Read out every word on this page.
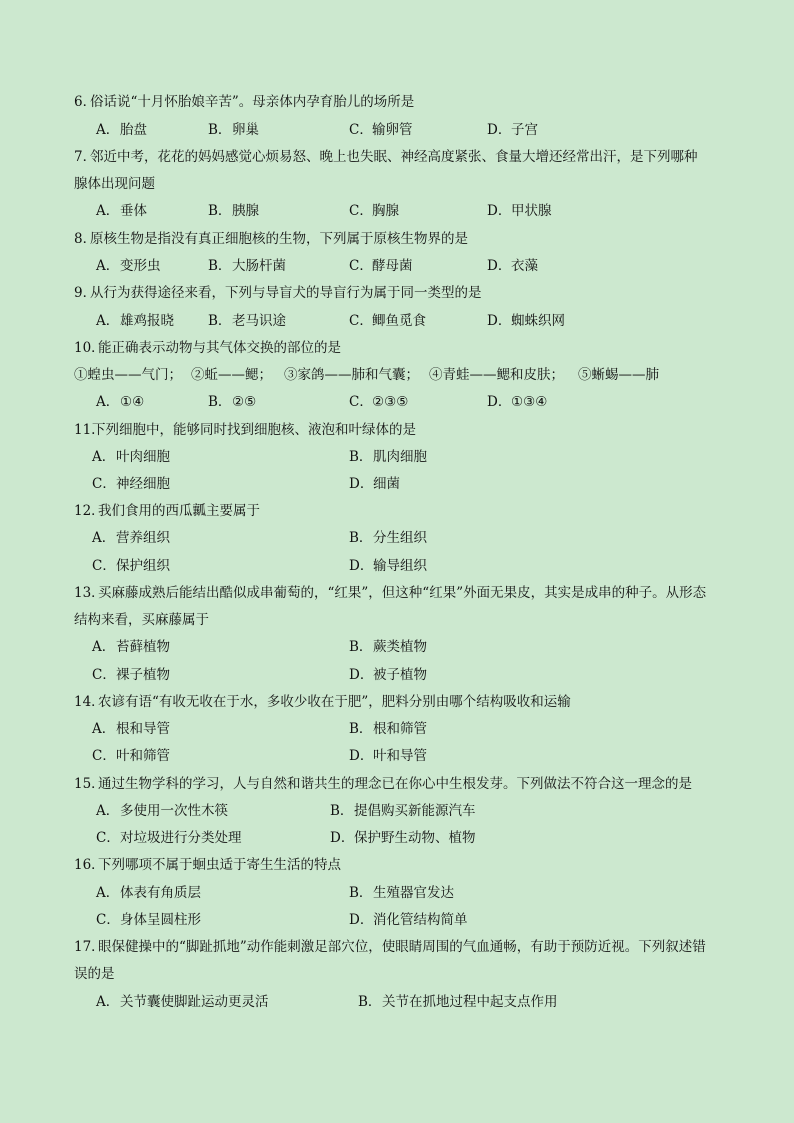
6．
俗话说“十月怀胎娘辛苦”。母亲体内孕育胎儿的场所是
A． 胎盘	B． 卵巢	C． 输卵管	D． 子宫
7．
邻近中考，花花的妈妈感觉心烦易怒、晚上也失眠、神经高度紧张、食量大增还经常出汗，是下列哪种
腺体出现问题
A． 垂体	B． 胰腺	C． 胸腺	D． 甲状腺
8．
原核生物是指没有真正细胞核的生物，下列属于原核生物界的是
A． 变形虫	B． 大肠杆菌	C． 酵母菌	D． 衣藻
9．
从行为获得途径来看，下列与导盲犬的导盲行为属于同一类型的是
A． 雄鸡报晓	B． 老马识途	C． 鲫鱼觅食	D． 蜘蛛织网
10．
能正确表示动物与其气体交换的部位的是
①蝗虫——气门； ②蚯——鳃； ③家鸽——肺和气囊； ④青蛙——鳃和皮肤； ⑤蜥蜴——肺
A． ①④	B． ②⑤	C． ②③⑤	D． ①③④
11.
下列细胞中，能够同时找到细胞核、液泡和叶绿体的是
A． 叶肉细胞	B． 肌肉细胞
C． 神经细胞	D． 细菌
12．
我们食用的西瓜瓤主要属于
A． 营养组织	B． 分生组织
C． 保护组织	D． 输导组织
13．
买麻藤成熟后能结出酷似成串葡萄的，“红果”，但这种“红果”外面无果皮，其实是成串的种子。从形态
结构来看，买麻藤属于
A． 苔藓植物	B． 蕨类植物
C． 裸子植物	D． 被子植物
14．
农谚有语“有收无收在于水，多收少收在于肥”，肥料分别由哪个结构吸收和运输
A． 根和导管	B． 根和筛管
C． 叶和筛管	D． 叶和导管
15．
通过生物学科的学习，人与自然和谐共生的理念已在你心中生根发芽。下列做法不符合这一理念的是
A． 多使用一次性木筷	B． 提倡购买新能源汽车
C． 对垃圾进行分类处理	D． 保护野生动物、植物
16．
下列哪项不属于蛔虫适于寄生生活的特点
A． 体表有角质层	B． 生殖器官发达
C． 身体呈圆柱形	D． 消化管结构简单
17．
眼保健操中的“脚趾抓地”动作能刺激足部穴位，使眼睛周围的气血通畅，有助于预防近视。下列叙述错
误的是
A． 关节囊使脚趾运动更灵活	B． 关节在抓地过程中起支点作用
